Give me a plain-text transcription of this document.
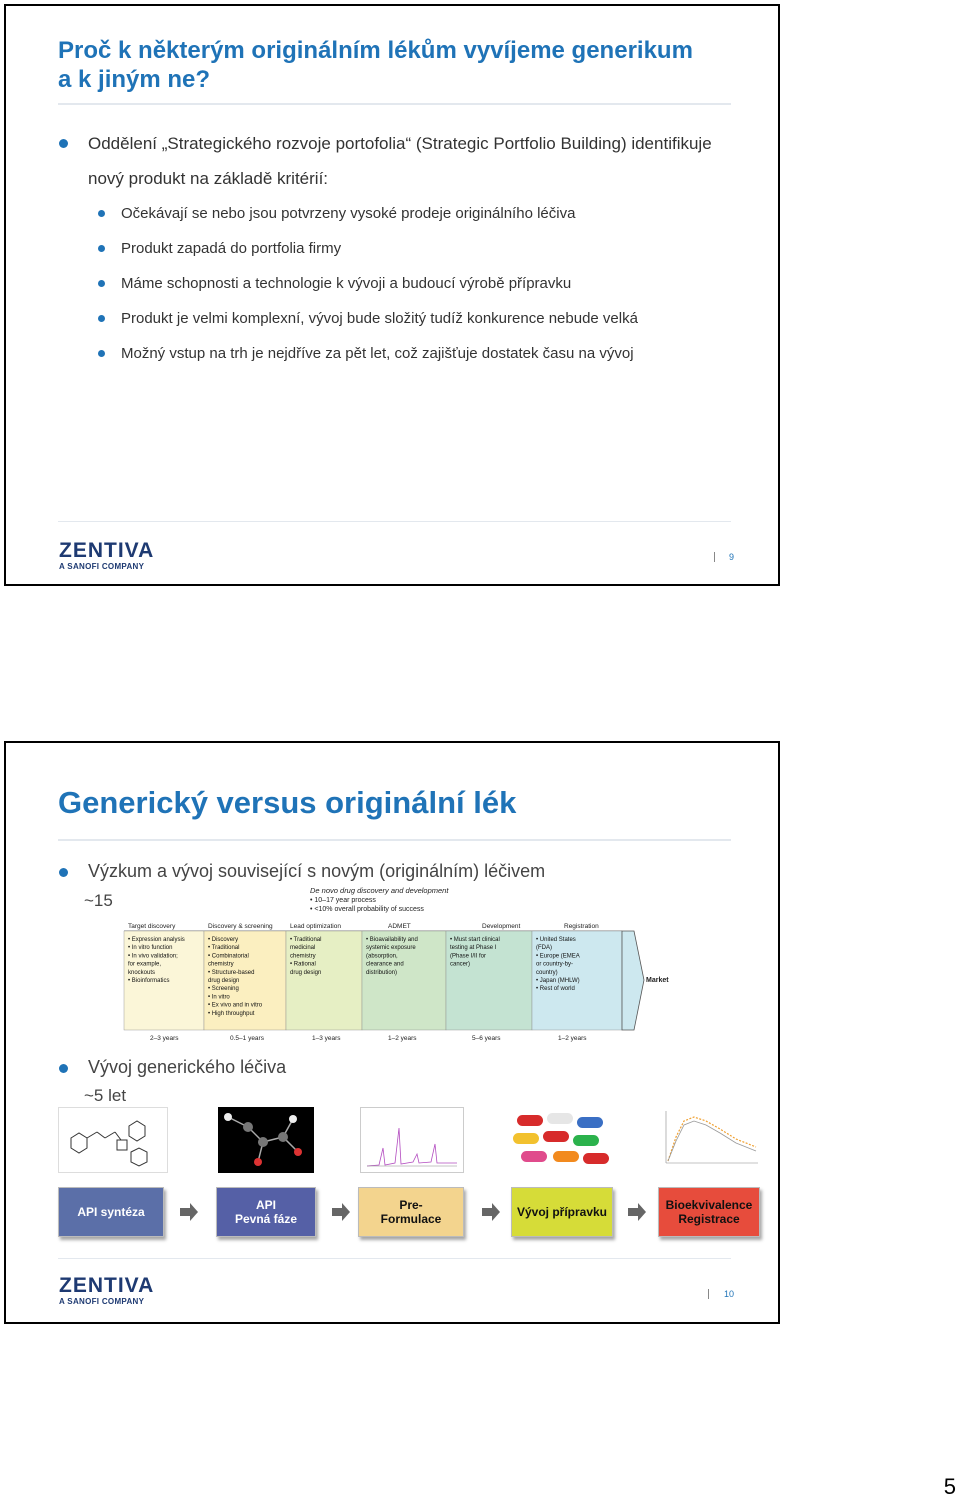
Proč k některým originálním lékům vyvíjeme generikum a k jiným ne?
Oddělení „Strategického rozvoje portofolia“ (Strategic Portfolio Building) identifikuje nový produkt na základě kritérií:
Očekávají se nebo jsou potvrzeny vysoké prodeje originálního léčiva
Produkt zapadá do portfolia firmy
Máme schopnosti a technologie k vývoji a budoucí výrobě přípravku
Produkt je velmi komplexní, vývoj bude složitý tudíž konkurence nebude velká
Možný vstup na trh je nejdříve za pět let, což zajišťuje dostatek času na vývoj
ZENTIVA
A SANOFI COMPANY
9
Generický versus originální lék
Výzkum a vývoj související s novým (originálním) léčivem
~15
De novo drug discovery and development
• 10–17 year process
• <10% overall probability of success
Target discovery	Discovery & screening	Lead optimization	ADMET	Development	Registration
Market
• Expression analysis
• In vitro function
• In vivo validation;
for example,
knockouts
• Bioinformatics
• Discovery
• Traditional
• Combinatorial
chemistry
• Structure-based
drug design
• Screening
• In vitro
• Ex vivo and in vitro
• High throughput
• Traditional
medicinal
chemistry
• Rational
drug design
• Bioavailability and
systemic exposure
(absorption,
clearance and
distribution)
• Must start clinical
testing at Phase I
(Phase I/II for
cancer)
• United States
(FDA)
• Europe (EMEA
or country-by-
country)
• Japan (MHLW)
• Rest of world
2–3 years	0.5–1 years	1–3 years	1–2 years	5–6 years	1–2 years
Vývoj generického léčiva
~5 let
API syntéza	API
Pevná fáze
Pre-
Formulace	Vývoj přípravku	Bioekvivalence
Registrace
ZENTIVA
A SANOFI COMPANY
10
5
